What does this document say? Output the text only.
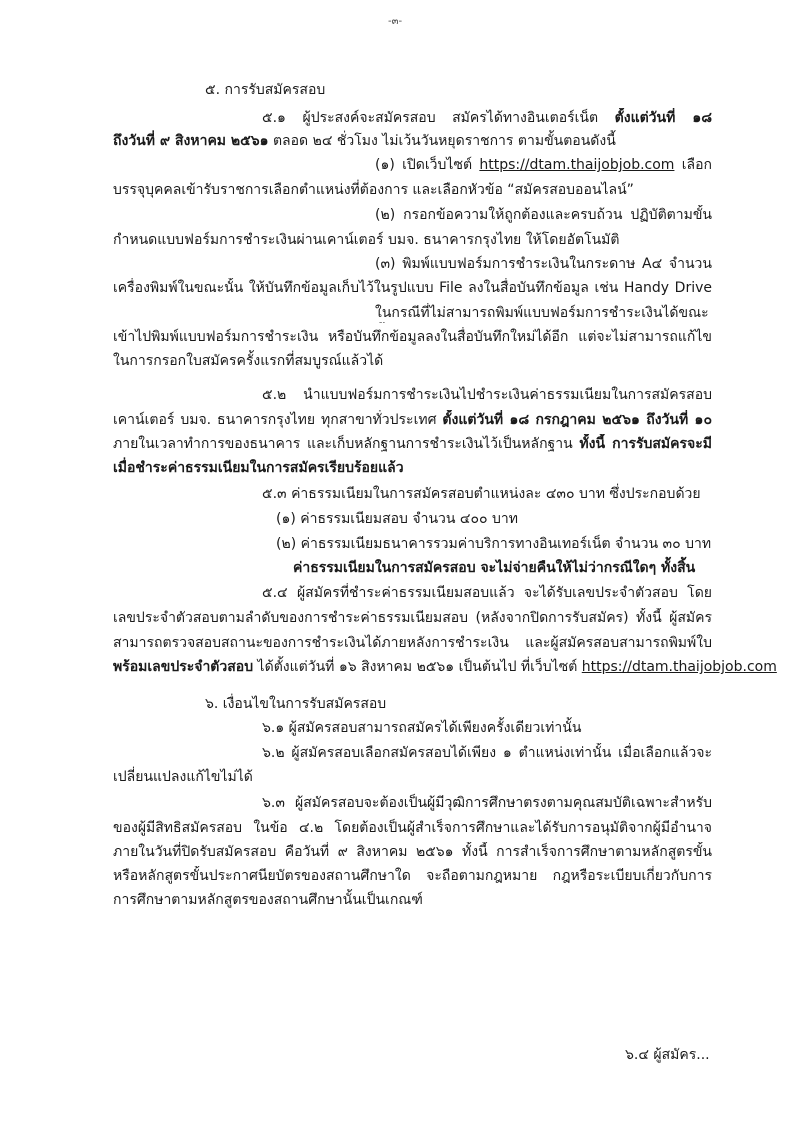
-๓-
๕. การรับสมัครสอบ
๕.๑ ผู้ประสงค์จะสมัครสอบ สมัครได้ทางอินเตอร์เน็ต ตั้งแต่วันที่ ๑๘
ถึงวันที่ ๙ สิงหาคม ๒๕๖๑ ตลอด ๒๔ ชั่วโมง ไม่เว้นวันหยุดราชการ ตามขั้นตอนดังนี้
(๑) เปิดเว็บไซต์ https://dtam.thaijobjob.com เลือก
บรรจุบุคคลเข้ารับราชการเลือกตำแหน่งที่ต้องการ และเลือกหัวข้อ “สมัครสอบออนไลน์”
(๒) กรอกข้อความให้ถูกต้องและครบถ้วน ปฏิบัติตามขั้น
กำหนดแบบฟอร์มการชำระเงินผ่านเคาน์เตอร์ บมจ. ธนาคารกรุงไทย ให้โดยอัตโนมัติ
(๓) พิมพ์แบบฟอร์มการชำระเงินในกระดาษ A๔ จำนวน
เครื่องพิมพ์ในขณะนั้น ให้บันทึกข้อมูลเก็บไว้ในรูปแบบ File ลงในสื่อบันทึกข้อมูล เช่น Handy Drive
ในกรณีที่ไม่สามารถพิมพ์แบบฟอร์มการชำระเงินได้ขณะ
เข้าไปพิมพ์แบบฟอร์มการชำระเงิน หรือบันทึกข้อมูลลงในสื่อบันทึกใหม่ได้อีก แต่จะไม่สามารถแก้ไข
ในการกรอกใบสมัครครั้งแรกที่สมบูรณ์แล้วได้
๕.๒ นำแบบฟอร์มการชำระเงินไปชำระเงินค่าธรรมเนียมในการสมัครสอบ
เคาน์เตอร์ บมจ. ธนาคารกรุงไทย ทุกสาขาทั่วประเทศ ตั้งแต่วันที่ ๑๘ กรกฎาคม ๒๕๖๑ ถึงวันที่ ๑๐
ภายในเวลาทำการของธนาคาร และเก็บหลักฐานการชำระเงินไว้เป็นหลักฐาน ทั้งนี้ การรับสมัครจะมี
เมื่อชำระค่าธรรมเนียมในการสมัครเรียบร้อยแล้ว
๕.๓ ค่าธรรมเนียมในการสมัครสอบตำแหน่งละ ๔๓๐ บาท ซึ่งประกอบด้วย
(๑) ค่าธรรมเนียมสอบ จำนวน ๔๐๐ บาท
(๒) ค่าธรรมเนียมธนาคารรวมค่าบริการทางอินเทอร์เน็ต จำนวน ๓๐ บาท
ค่าธรรมเนียมในการสมัครสอบ จะไม่จ่ายคืนให้ไม่ว่ากรณีใดๆ ทั้งสิ้น
๕.๔ ผู้สมัครที่ชำระค่าธรรมเนียมสอบแล้ว จะได้รับเลขประจำตัวสอบ โดย
เลขประจำตัวสอบตามลำดับของการชำระค่าธรรมเนียมสอบ (หลังจากปิดการรับสมัคร) ทั้งนี้ ผู้สมัคร
สามารถตรวจสอบสถานะของการชำระเงินได้ภายหลังการชำระเงิน และผู้สมัครสอบสามารถพิมพ์ใบ
พร้อมเลขประจำตัวสอบ ได้ตั้งแต่วันที่ ๑๖ สิงหาคม ๒๕๖๑ เป็นต้นไป ที่เว็บไซต์ https://dtam.thaijobjob.com
๖. เงื่อนไขในการรับสมัครสอบ
๖.๑ ผู้สมัครสอบสามารถสมัครได้เพียงครั้งเดียวเท่านั้น
๖.๒ ผู้สมัครสอบเลือกสมัครสอบได้เพียง ๑ ตำแหน่งเท่านั้น เมื่อเลือกแล้วจะ
เปลี่ยนแปลงแก้ไขไม่ได้
๖.๓ ผู้สมัครสอบจะต้องเป็นผู้มีวุฒิการศึกษาตรงตามคุณสมบัติเฉพาะสำหรับ
ของผู้มีสิทธิสมัครสอบ ในข้อ ๔.๒ โดยต้องเป็นผู้สำเร็จการศึกษาและได้รับการอนุมัติจากผู้มีอำนาจ
ภายในวันที่ปิดรับสมัครสอบ คือวันที่ ๙ สิงหาคม ๒๕๖๑ ทั้งนี้ การสำเร็จการศึกษาตามหลักสูตรขั้น
หรือหลักสูตรขั้นประกาศนียบัตรของสถานศึกษาใด จะถือตามกฎหมาย กฎหรือระเบียบเกี่ยวกับการ
การศึกษาตามหลักสูตรของสถานศึกษานั้นเป็นเกณฑ์
๖.๔ ผู้สมัคร...
